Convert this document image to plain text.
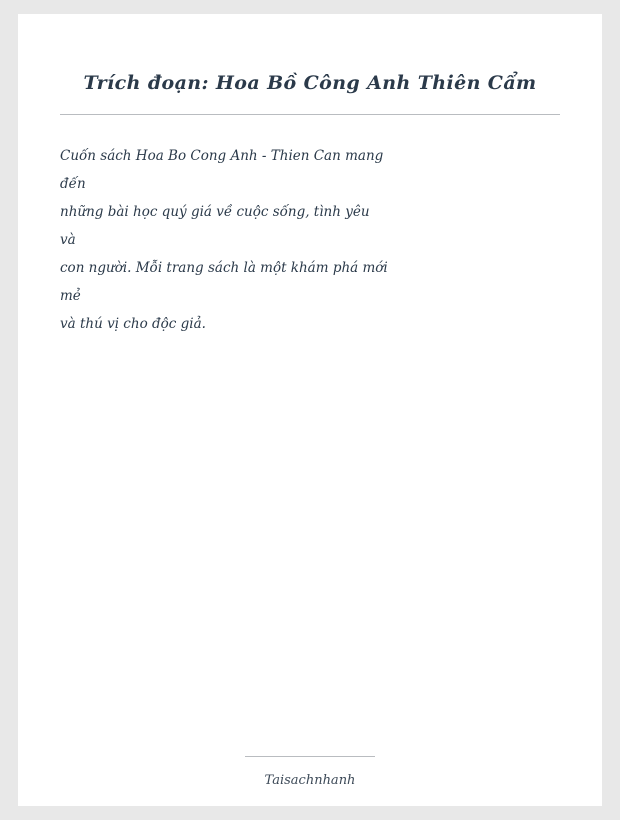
Trích đoạn: Hoa Bồ Công Anh Thiên Cẩm
Cuốn sách Hoa Bo Cong Anh - Thien Can mang
đến
những bài học quý giá về cuộc sống, tình yêu
và
con người. Mỗi trang sách là một khám phá mới
mẻ
và thú vị cho độc giả.
Taisachnhanh
